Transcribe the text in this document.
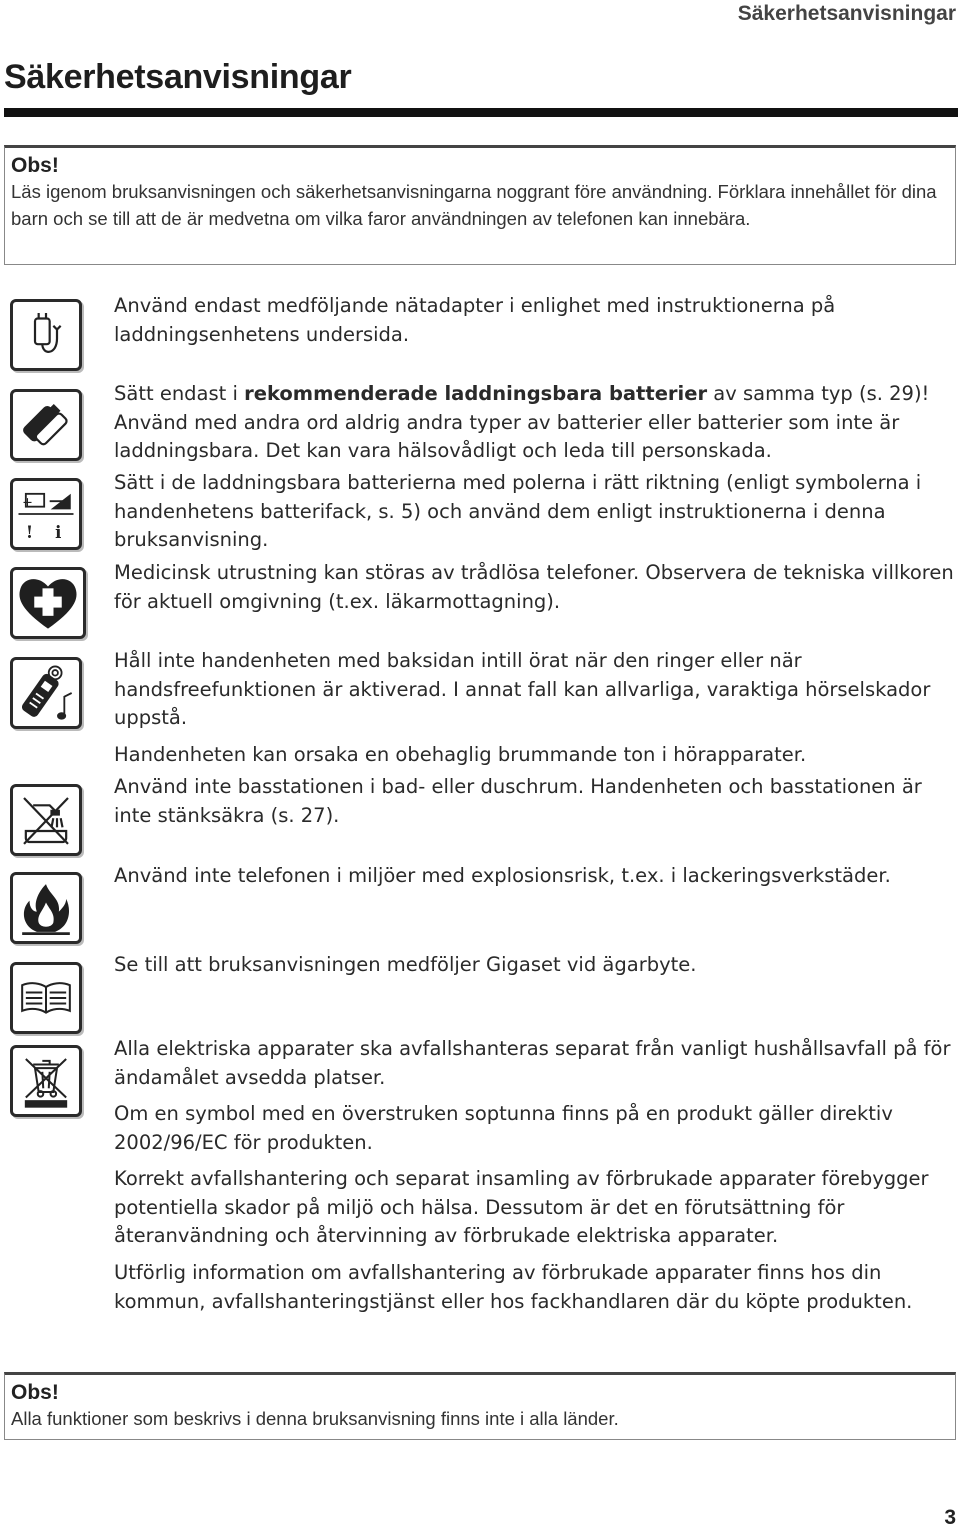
Säkerhetsanvisningar
Säkerhetsanvisningar
Obs!

Läs igenom bruksanvisningen och säkerhetsanvisningarna noggrant före användning. Förklara innehållet för dina barn och se till att de är medvetna om vilka faror användningen av telefonen kan innebära.

+
! i

Använd endast medföljande nätadapter i enlighet med instruktionerna på laddningsenhetens undersida.

Sätt endast i rekommenderade laddningsbara batterier av samma typ (s. 29)! Använd med andra ord aldrig andra typer av batterier eller batterier som inte är laddningsbara. Det kan vara hälsovådligt och leda till personskada.

Sätt i de laddningsbara batterierna med polerna i rätt riktning (enligt symbolerna i handenhetens batterifack, s. 5) och använd dem enligt instruktionerna i denna bruksanvisning.

Medicinsk utrustning kan störas av trådlösa telefoner. Observera de tekniska villkoren för aktuell omgivning (t.ex. läkarmottagning).

Håll inte handenheten med baksidan intill örat när den ringer eller när handsfreefunktionen är aktiverad. I annat fall kan allvarliga, varaktiga hörselskador uppstå.

Handenheten kan orsaka en obehaglig brummande ton i hörapparater.

Använd inte basstationen i bad- eller duschrum. Handenheten och basstationen är inte stänksäkra (s. 27).

Använd inte telefonen i miljöer med explosionsrisk, t.ex. i lackeringsverkstäder.

Se till att bruksanvisningen medföljer Gigaset vid ägarbyte.

Alla elektriska apparater ska avfallshanteras separat från vanligt hushållsavfall på för ändamålet avsedda platser.

Om en symbol med en överstruken soptunna finns på en produkt gäller direktiv 2002/96/EC för produkten.

Korrekt avfallshantering och separat insamling av förbrukade apparater förebygger potentiella skador på miljö och hälsa. Dessutom är det en förutsättning för återanvändning och återvinning av förbrukade elektriska apparater.

Utförlig information om avfallshantering av förbrukade apparater finns hos din kommun, avfallshanteringstjänst eller hos fackhandlaren där du köpte produkten.

Obs!

Alla funktioner som beskrivs i denna bruksanvisning finns inte i alla länder.

3
